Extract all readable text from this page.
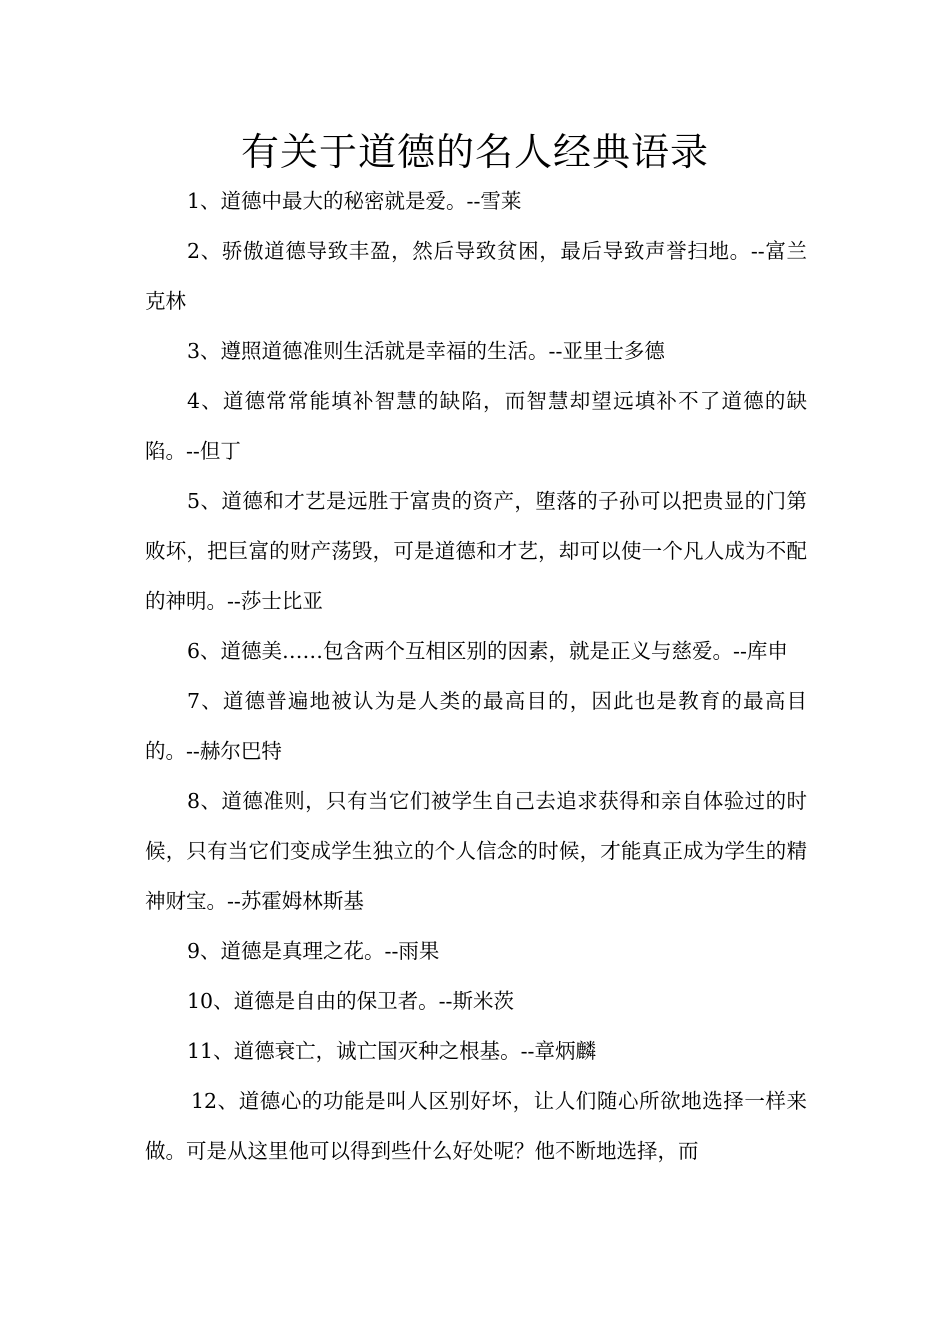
有关于道德的名人经典语录

1、道德中最大的秘密就是爱。--雪莱

2、骄傲道德导致丰盈，然后导致贫困，最后导致声誉扫地。--富兰克林

3、遵照道德准则生活就是幸福的生活。--亚里士多德

4、道德常常能填补智慧的缺陷，而智慧却望远填补不了道德的缺陷。--但丁

5、道德和才艺是远胜于富贵的资产，堕落的子孙可以把贵显的门第败坏，把巨富的财产荡毁，可是道德和才艺，却可以使一个凡人成为不配的神明。--莎士比亚

6、道德美……包含两个互相区别的因素，就是正义与慈爱。--库申

7、道德普遍地被认为是人类的最高目的，因此也是教育的最高目的。--赫尔巴特

8、道德准则，只有当它们被学生自己去追求获得和亲自体验过的时候，只有当它们变成学生独立的个人信念的时候，才能真正成为学生的精神财宝。--苏霍姆林斯基

9、道德是真理之花。--雨果

10、道德是自由的保卫者。--斯米茨

11、道德衰亡，诚亡国灭种之根基。--章炳麟

12、道德心的功能是叫人区别好坏，让人们随心所欲地选择一样来做。可是从这里他可以得到些什么好处呢？他不断地选择，而
